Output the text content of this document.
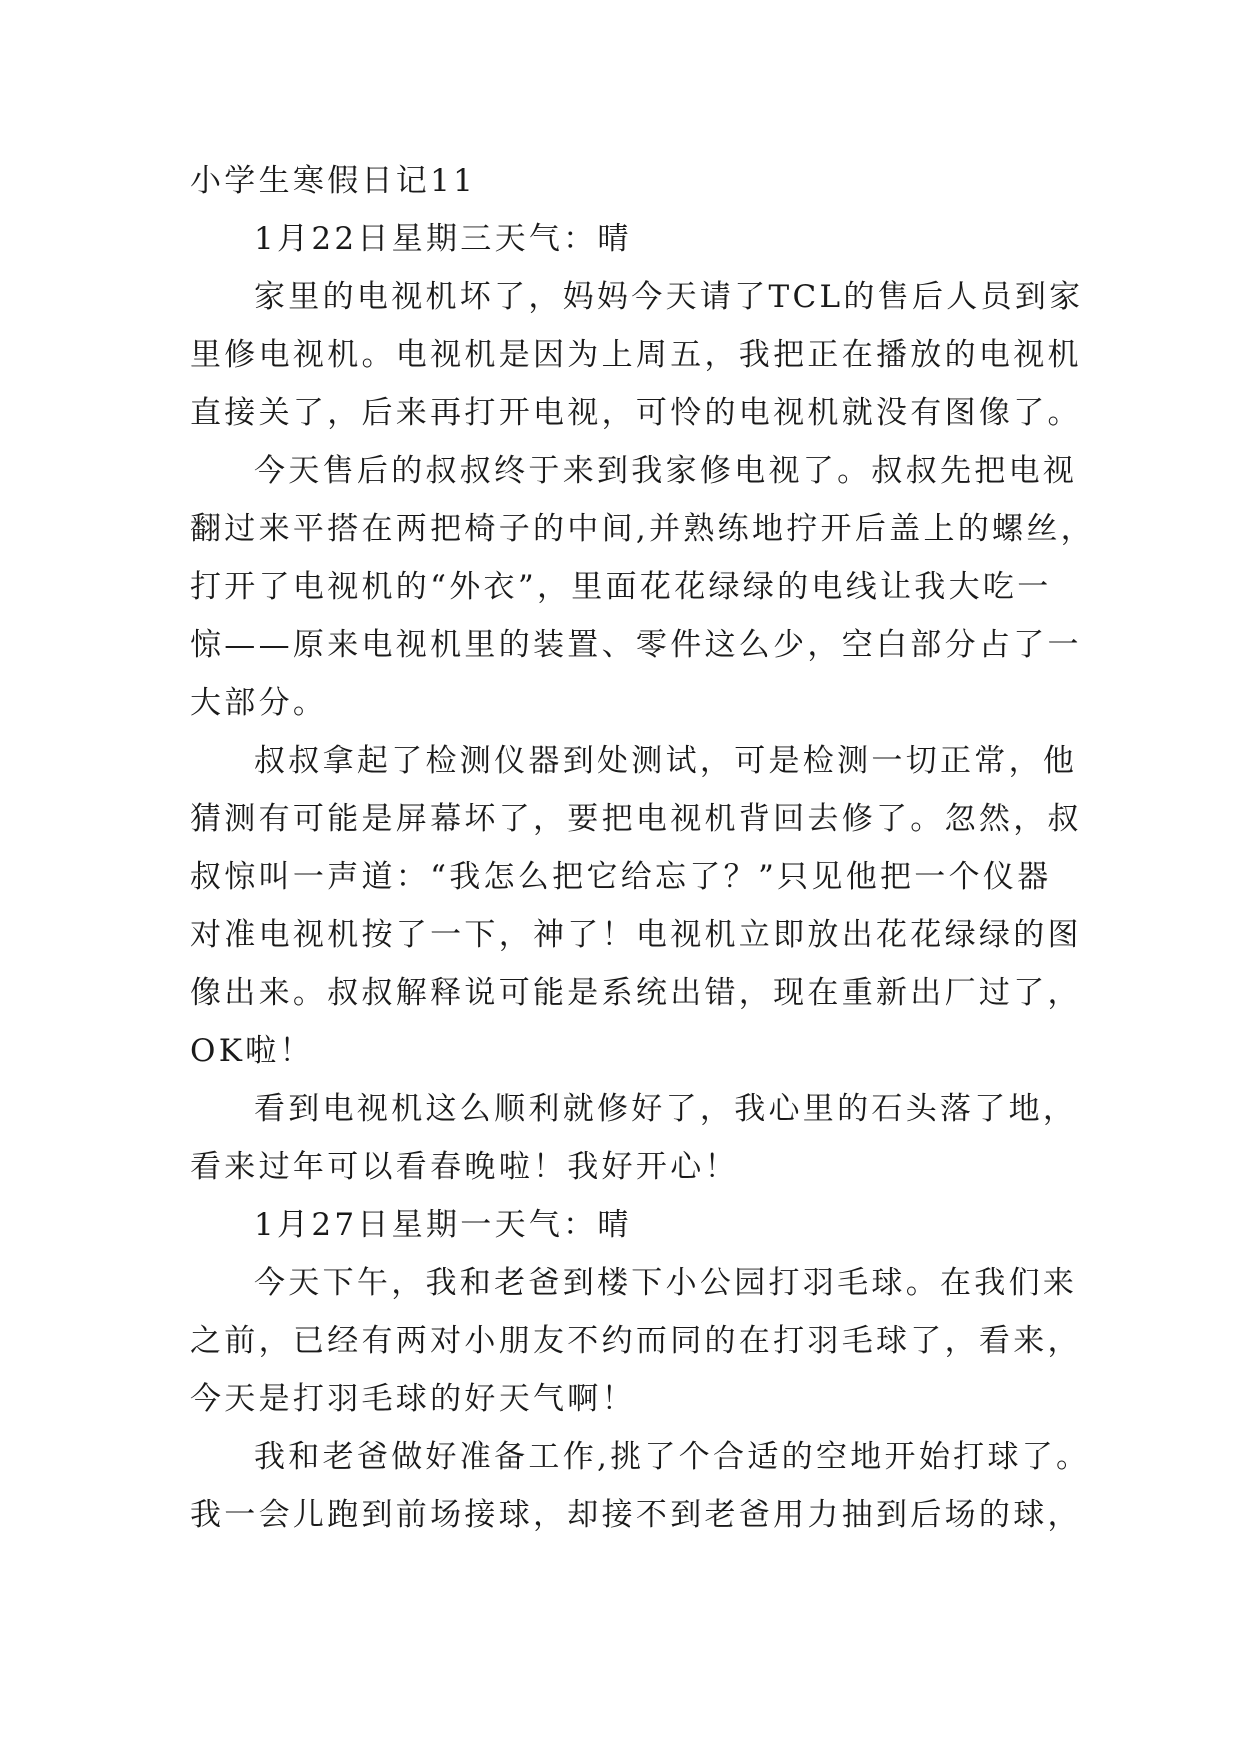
小学生寒假日记11
1月22日星期三天气：晴
家里的电视机坏了，妈妈今天请了TCL的售后人员到家
里修电视机。电视机是因为上周五，我把正在播放的电视机
直接关了，后来再打开电视，可怜的电视机就没有图像了。
今天售后的叔叔终于来到我家修电视了。叔叔先把电视
翻过来平搭在两把椅子的中间,并熟练地拧开后盖上的螺丝，
打开了电视机的“外衣”，里面花花绿绿的电线让我大吃一
惊——原来电视机里的装置、零件这么少，空白部分占了一
大部分。
叔叔拿起了检测仪器到处测试，可是检测一切正常，他
猜测有可能是屏幕坏了，要把电视机背回去修了。忽然，叔
叔惊叫一声道：“我怎么把它给忘了？”只见他把一个仪器
对准电视机按了一下，神了！电视机立即放出花花绿绿的图
像出来。叔叔解释说可能是系统出错，现在重新出厂过了，
OK啦！
看到电视机这么顺利就修好了，我心里的石头落了地，
看来过年可以看春晚啦！我好开心！
1月27日星期一天气：晴
今天下午，我和老爸到楼下小公园打羽毛球。在我们来
之前，已经有两对小朋友不约而同的在打羽毛球了，看来，
今天是打羽毛球的好天气啊！
我和老爸做好准备工作,挑了个合适的空地开始打球了。
我一会儿跑到前场接球，却接不到老爸用力抽到后场的球，
